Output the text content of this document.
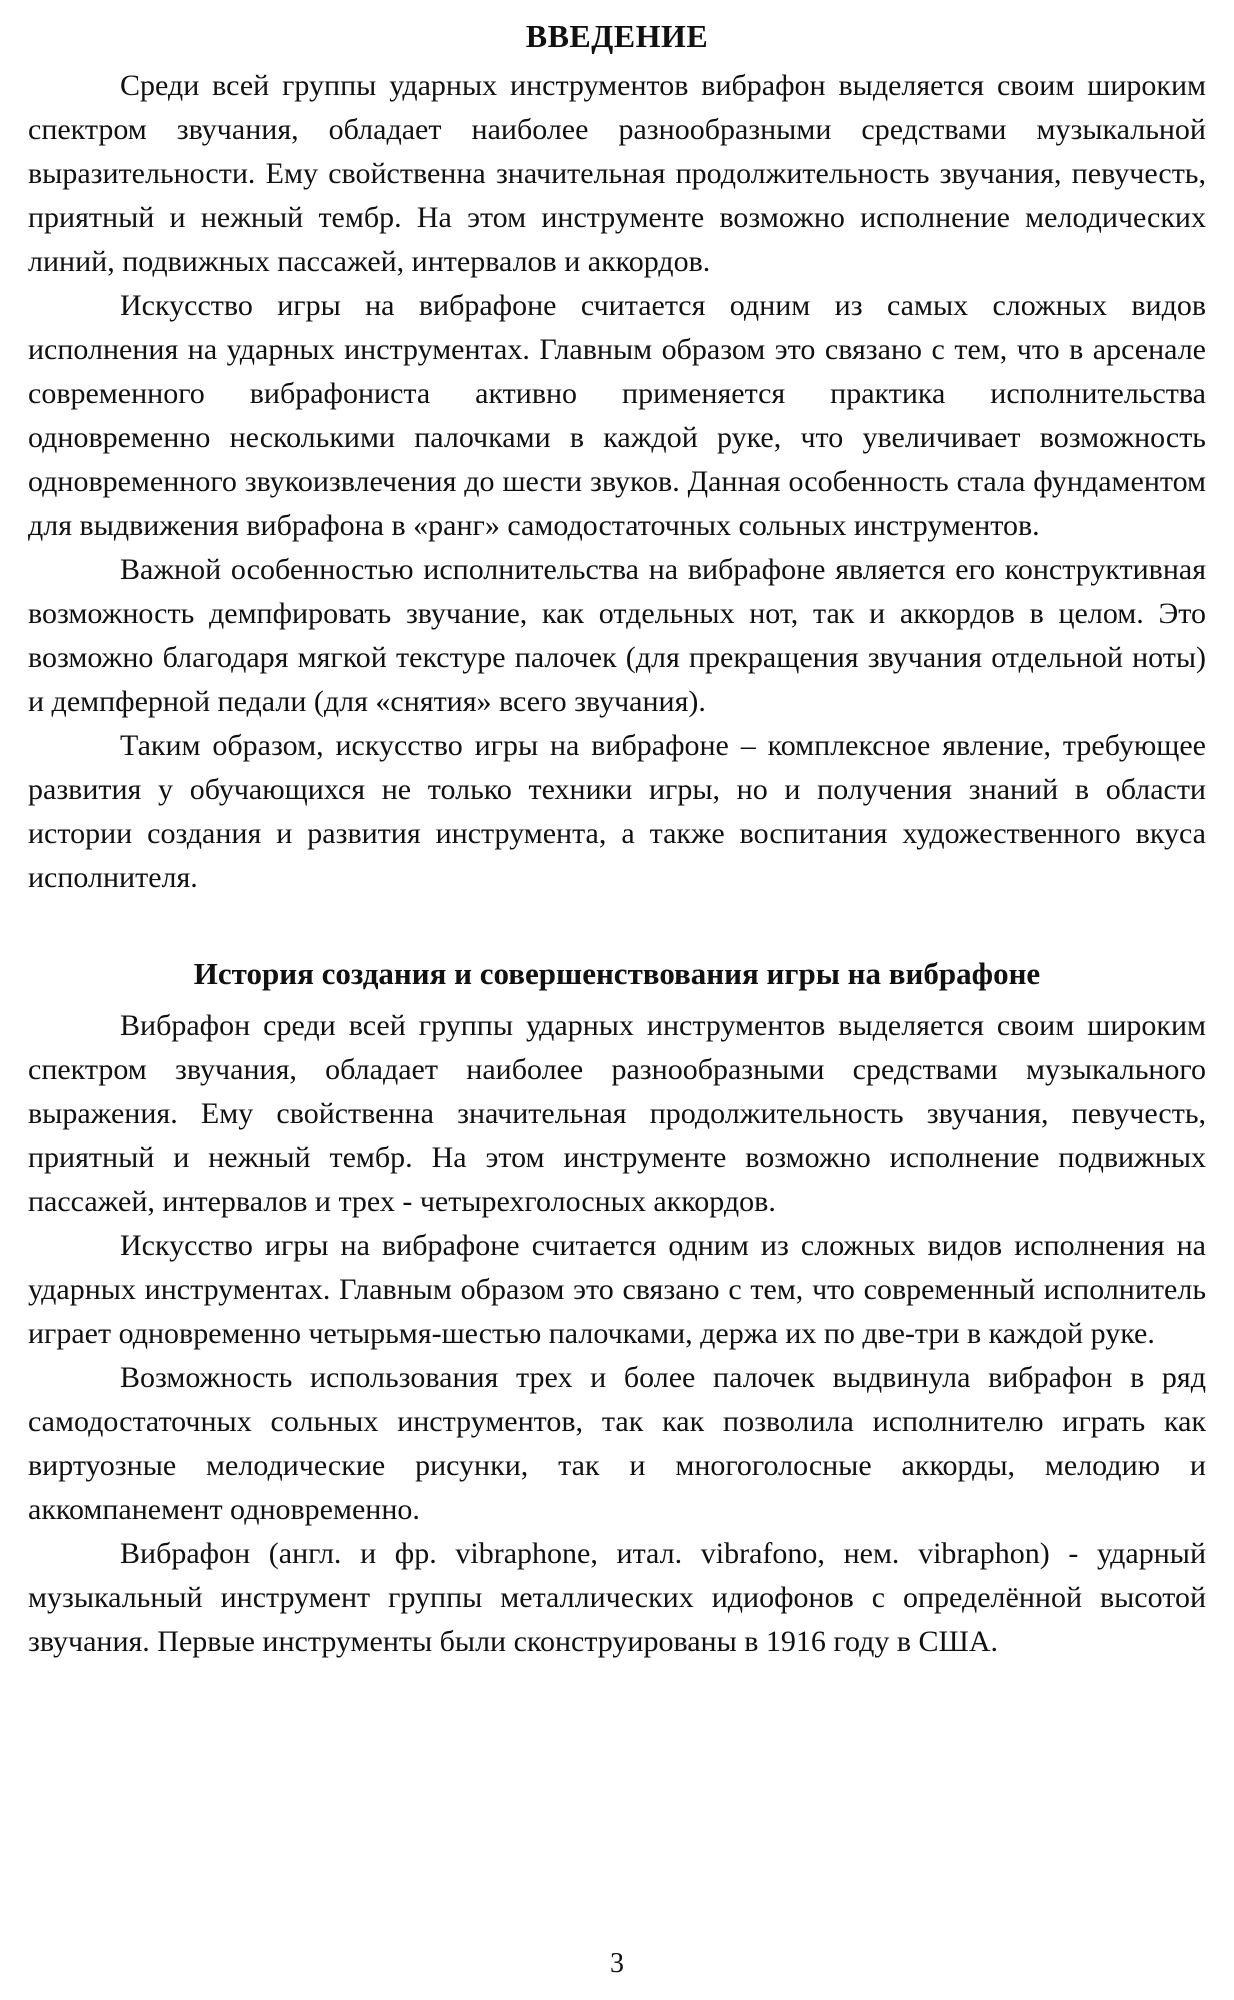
ВВЕДЕНИЕ

Среди всей группы ударных инструментов вибрафон выделяется своим широким спектром звучания, обладает наиболее разнообразными средствами музыкальной выразительности. Ему свойственна значительная продолжительность звучания, певучесть, приятный и нежный тембр. На этом инструменте возможно исполнение мелодических линий, подвижных пассажей, интервалов и аккордов.

Искусство игры на вибрафоне считается одним из самых сложных видов исполнения на ударных инструментах. Главным образом это связано с тем, что в арсенале современного вибрафониста активно применяется практика исполнительства одновременно несколькими палочками в каждой руке, что увеличивает возможность одновременного звукоизвлечения до шести звуков. Данная особенность стала фундаментом для выдвижения вибрафона в «ранг» самодостаточных сольных инструментов.

Важной особенностью исполнительства на вибрафоне является его конструктивная возможность демпфировать звучание, как отдельных нот, так и аккордов в целом. Это возможно благодаря мягкой текстуре палочек (для прекращения звучания отдельной ноты) и демпферной педали (для «снятия» всего звучания).

Таким образом, искусство игры на вибрафоне – комплексное явление, требующее развития у обучающихся не только техники игры, но и получения знаний в области истории создания и развития инструмента, а также воспитания художественного вкуса исполнителя.

История создания и совершенствования игры на вибрафоне

Вибрафон среди всей группы ударных инструментов выделяется своим широким спектром звучания, обладает наиболее разнообразными средствами музыкального выражения. Ему свойственна значительная продолжительность звучания, певучесть, приятный и нежный тембр. На этом инструменте возможно исполнение подвижных пассажей, интервалов и трех - четырехголосных аккордов.

Искусство игры на вибрафоне считается одним из сложных видов исполнения на ударных инструментах. Главным образом это связано с тем, что современный исполнитель играет одновременно четырьмя-шестью палочками, держа их по две-три в каждой руке.

Возможность использования трех и более палочек выдвинула вибрафон в ряд самодостаточных сольных инструментов, так как позволила исполнителю играть как виртуозные мелодические рисунки, так и многоголосные аккорды, мелодию и аккомпанемент одновременно.

Вибрафон (англ. и фр. vibraphone, итал. vibrafono, нем. vibraphon) - ударный музыкальный инструмент группы металлических идиофонов с определённой высотой звучания. Первые инструменты были сконструированы в 1916 году в США.

3
